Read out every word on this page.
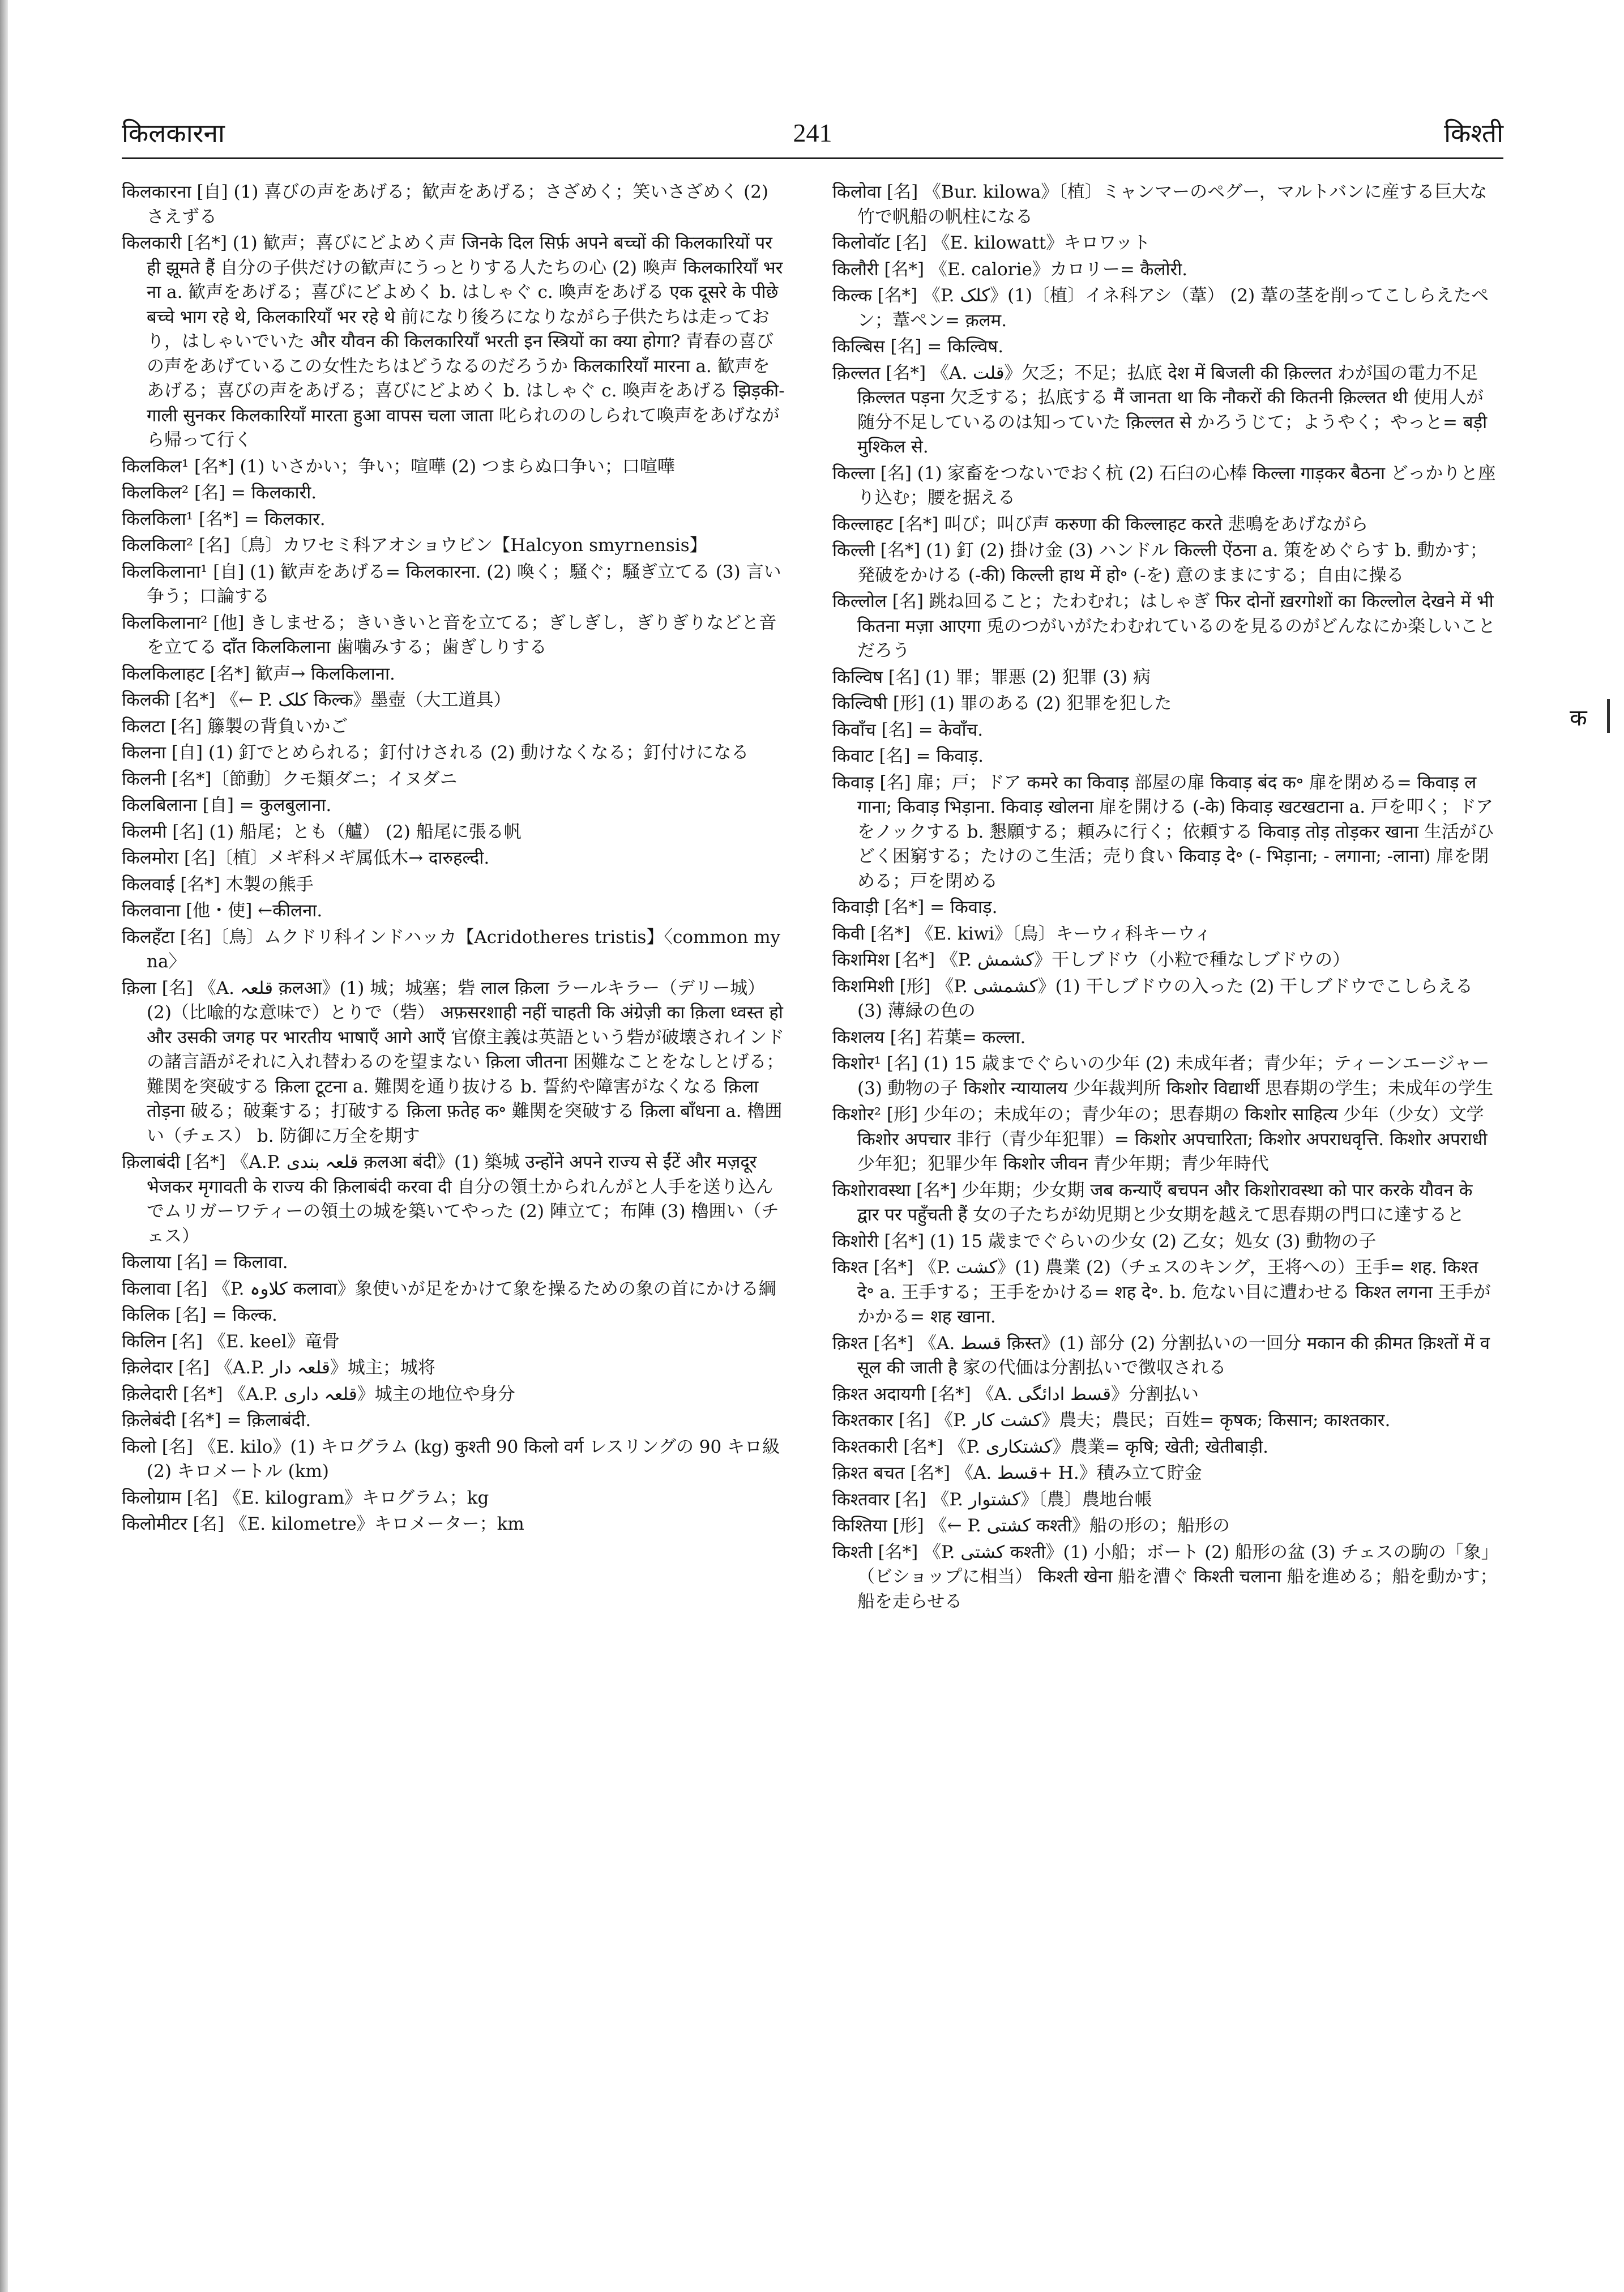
किलकारना	241	किश्ती

किलकारना [自] (1) 喜びの声をあげる；歓声をあげる；さざめく；笑いさざめく (2) さえずる

किलकारी [名*] (1) 歓声；喜びにどよめく声 जिनके दिल सिर्फ़ अपने बच्चों की किलकारियों पर ही झूमते हैं 自分の子供だけの歓声にうっとりする人たちの心 (2) 喚声 किलकारियाँ भरना a. 歓声をあげる；喜びにどよめく b. はしゃぐ c. 喚声をあげる एक दूसरे के पीछे बच्चे भाग रहे थे, किलकारियाँ भर रहे थे 前になり後ろになりながら子供たちは走っており，はしゃいでいた और यौवन की किलकारियाँ भरती इन स्त्रियों का क्या होगा? 青春の喜びの声をあげているこの女性たちはどうなるのだろうか किलकारियाँ मारना a. 歓声をあげる；喜びの声をあげる；喜びにどよめく b. はしゃぐ c. 喚声をあげる झिड़की-गाली सुनकर किलकारियाँ मारता हुआ वापस चला जाता 叱られののしられて喚声をあげながら帰って行く

किलकिल¹ [名*] (1) いさかい；争い；喧嘩 (2) つまらぬ口争い；口喧嘩

किलकिल² [名] = किलकारी.

किलकिला¹ [名*] = किलकार.

किलकिला² [名]〔鳥〕カワセミ科アオショウビン【Halcyon smyrnensis】

किलकिलाना¹ [自] (1) 歓声をあげる= किलकारना. (2) 喚く；騒ぐ；騒ぎ立てる (3) 言い争う；口論する

किलकिलाना² [他] きしませる；きいきいと音を立てる；ぎしぎし，ぎりぎりなどと音を立てる दाँत किलकिलाना 歯噛みする；歯ぎしりする

किलकिलाहट [名*] 歓声→ किलकिलाना.

किलकी [名*] 《← P. کلک किल्क》墨壺（大工道具）

किलटा [名] 籐製の背負いかご

किलना [自] (1) 釘でとめられる；釘付けされる (2) 動けなくなる；釘付けになる

किलनी [名*]〔節動〕クモ類ダニ；イヌダニ

किलबिलाना [自] = कुलबुलाना.

किलमी [名] (1) 船尾；とも（艫） (2) 船尾に張る帆

किलमोरा [名]〔植〕メギ科メギ属低木→ दारुहल्दी.

किलवाई [名*] 木製の熊手

किलवाना [他・使] ←कीलना.

किलहँटा [名]〔鳥〕ムクドリ科インドハッカ【Acridotheres tristis】〈common myna〉

क़िला [名] 《A. قلعہ क़लआ》(1) 城；城塞；砦 लाल क़िला ラールキラー（デリー城） (2)（比喩的な意味で）とりで（砦） अफ़सरशाही नहीं चाहती कि अंग्रेज़ी का क़िला ध्वस्त हो और उसकी जगह पर भारतीय भाषाएँ आगे आएँ 官僚主義は英語という砦が破壊されインドの諸言語がそれに入れ替わるのを望まない क़िला जीतना 困難なことをなしとげる；難関を突破する क़िला टूटना a. 難関を通り抜ける b. 誓約や障害がなくなる क़िला तोड़ना 破る；破棄する；打破する क़िला फ़तेह क॰ 難関を突破する क़िला बाँधना a. 櫓囲い（チェス） b. 防御に万全を期す

क़िलाबंदी [名*] 《A.P. قلعہ بندی क़लआ बंदी》(1) 築城 उन्होंने अपने राज्य से ईंटें और मज़दूर भेजकर मृगावती के राज्य की क़िलाबंदी करवा दी 自分の領土かられんがと人手を送り込んでムリガーワティーの領土の城を築いてやった (2) 陣立て；布陣 (3) 櫓囲い（チェス）

किलाया [名] = किलावा.

किलावा [名] 《P. کلاوہ कलावा》象使いが足をかけて象を操るための象の首にかける綱

किलिक [名] = किल्क.

किलिन [名] 《E. keel》竜骨

क़िलेदार [名] 《A.P. قلعہ دار》城主；城将

क़िलेदारी [名*] 《A.P. قلعہ داری》城主の地位や身分

क़िलेबंदी [名*] = क़िलाबंदी.

किलो [名] 《E. kilo》(1) キログラム (kg) कुश्ती 90 किलो वर्ग レスリングの 90 キロ級 (2) キロメートル (km)

किलोग्राम [名] 《E. kilogram》キログラム；kg

किलोमीटर [名] 《E. kilometre》キロメーター；km

किलोवा [名] 《Bur. kilowa》〔植〕ミャンマーのペグー，マルトバンに産する巨大な竹で帆船の帆柱になる

किलोवॉट [名] 《E. kilowatt》キロワット

किलौरी [名*] 《E. calorie》カロリー= कैलोरी.

किल्क [名*] 《P. کلک》(1)〔植〕イネ科アシ（葦） (2) 葦の茎を削ってこしらえたペン；葦ペン= क़लम.

किल्बिस [名] = किल्विष.

क़िल्लत [名*] 《A. قلت》欠乏；不足；払底 देश में बिजली की क़िल्लत わが国の電力不足 क़िल्लत पड़ना 欠乏する；払底する मैं जानता था कि नौकरों की कितनी क़िल्लत थी 使用人が随分不足しているのは知っていた क़िल्लत से かろうじて；ようやく；やっと= बड़ी मुश्किल से.

किल्ला [名] (1) 家畜をつないでおく杭 (2) 石臼の心棒 किल्ला गाड़कर बैठना どっかりと座り込む；腰を据える

किल्लाहट [名*] 叫び；叫び声 करुणा की किल्लाहट करते 悲鳴をあげながら

किल्ली [名*] (1) 釘 (2) 掛け金 (3) ハンドル किल्ली ऐंठना a. 策をめぐらす b. 動かす；発破をかける (-की) किल्ली हाथ में हो॰ (-を) 意のままにする；自由に操る

किल्लोल [名] 跳ね回ること；たわむれ；はしゃぎ फिर दोनों ख़रगोशों का किल्लोल देखने में भी कितना मज़ा आएगा 兎のつがいがたわむれているのを見るのがどんなにか楽しいことだろう

किल्विष [名] (1) 罪；罪悪 (2) 犯罪 (3) 病

किल्विषी [形] (1) 罪のある (2) 犯罪を犯した

किवाँच [名] = केवाँच.

किवाट [名] = किवाड़.

किवाड़ [名] 扉；戸；ドア कमरे का किवाड़ 部屋の扉 किवाड़ बंद क॰ 扉を閉める= किवाड़ लगाना; किवाड़ भिड़ाना. किवाड़ खोलना 扉を開ける (-के) किवाड़ खटखटाना a. 戸を叩く；ドアをノックする b. 懇願する；頼みに行く；依頼する किवाड़ तोड़ तोड़कर खाना 生活がひどく困窮する；たけのこ生活；売り食い किवाड़ दे॰ (- भिड़ाना; - लगाना; -लाना) 扉を閉める；戸を閉める

किवाड़ी [名*] = किवाड़.

किवी [名*] 《E. kiwi》〔鳥〕キーウィ科キーウィ

किशमिश [名*] 《P. کشمش》干しブドウ（小粒で種なしブドウの）

किशमिशी [形] 《P. کشمشی》(1) 干しブドウの入った (2) 干しブドウでこしらえる (3) 薄緑の色の

किशलय [名] 若葉= कल्ला.

किशोर¹ [名] (1) 15 歳までぐらいの少年 (2) 未成年者；青少年；ティーンエージャー (3) 動物の子 किशोर न्यायालय 少年裁判所 किशोर विद्यार्थी 思春期の学生；未成年の学生

किशोर² [形] 少年の；未成年の；青少年の；思春期の किशोर साहित्य 少年（少女）文学 किशोर अपचार 非行（青少年犯罪）= किशोर अपचारिता; किशोर अपराधवृत्ति. किशोर अपराधी 少年犯；犯罪少年 किशोर जीवन 青少年期；青少年時代

किशोरावस्था [名*] 少年期；少女期 जब कन्याएँ बचपन और किशोरावस्था को पार करके यौवन के द्वार पर पहुँचती हैं 女の子たちが幼児期と少女期を越えて思春期の門口に達すると

किशोरी [名*] (1) 15 歳までぐらいの少女 (2) 乙女；処女 (3) 動物の子

किश्त [名*] 《P. کشت》(1) 農業 (2)（チェスのキング，王将への）王手= शह. किश्त दे॰ a. 王手する；王手をかける= शह दे॰. b. 危ない目に遭わせる किश्त लगना 王手がかかる= शह खाना.

क़िश्त [名*] 《A. قسط क़िस्त》(1) 部分 (2) 分割払いの一回分 मकान की क़ीमत क़िश्तों में वसूल की जाती है 家の代価は分割払いで徴収される

क़िश्त अदायगी [名*] 《A. قسط ادائگی》分割払い

किश्तकार [名] 《P. کشت کار》農夫；農民；百姓= कृषक; किसान; काश्तकार.

किश्तकारी [名*] 《P. کشتکاری》農業= कृषि; खेती; खेतीबाड़ी.

क़िश्त बचत [名*] 《A. قسط+ H.》積み立て貯金

किश्तवार [名] 《P. کشتوار》〔農〕農地台帳

किश्तिया [形] 《← P. کشتی कश्ती》船の形の；船形の

किश्ती [名*] 《P. کشتی कश्ती》(1) 小船；ボート (2) 船形の盆 (3) チェスの駒の「象」（ビショップに相当） किश्ती खेना 船を漕ぐ किश्ती चलाना 船を進める；船を動かす；船を走らせる

क
